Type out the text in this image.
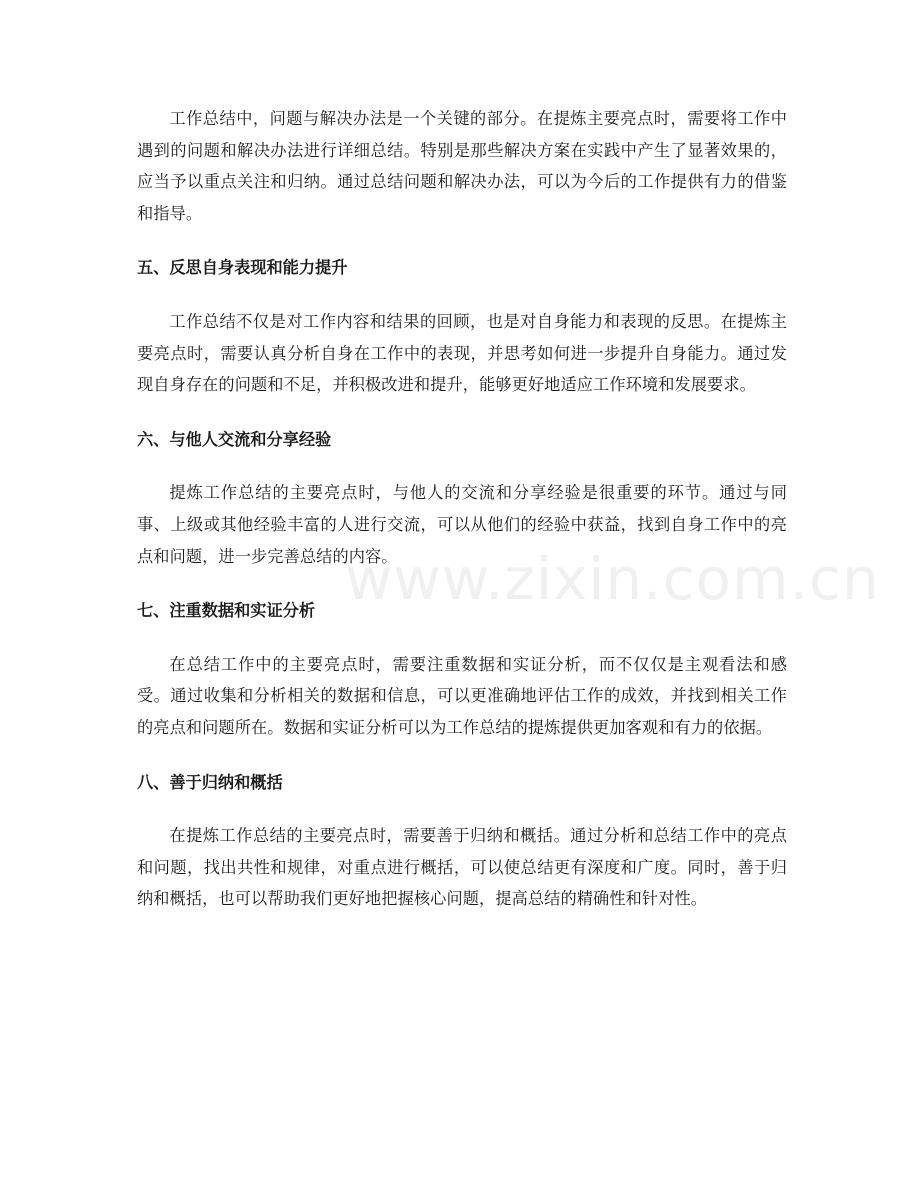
工作总结中，问题与解决办法是一个关键的部分。在提炼主要亮点时，需要将工作中遇到的问题和解决办法进行详细总结。特别是那些解决方案在实践中产生了显著效果的，应当予以重点关注和归纳。通过总结问题和解决办法，可以为今后的工作提供有力的借鉴和指导。

五、反思自身表现和能力提升

工作总结不仅是对工作内容和结果的回顾，也是对自身能力和表现的反思。在提炼主要亮点时，需要认真分析自身在工作中的表现，并思考如何进一步提升自身能力。通过发现自身存在的问题和不足，并积极改进和提升，能够更好地适应工作环境和发展要求。

六、与他人交流和分享经验

提炼工作总结的主要亮点时，与他人的交流和分享经验是很重要的环节。通过与同事、上级或其他经验丰富的人进行交流，可以从他们的经验中获益，找到自身工作中的亮点和问题，进一步完善总结的内容。

七、注重数据和实证分析

在总结工作中的主要亮点时，需要注重数据和实证分析，而不仅仅是主观看法和感受。通过收集和分析相关的数据和信息，可以更准确地评估工作的成效，并找到相关工作的亮点和问题所在。数据和实证分析可以为工作总结的提炼提供更加客观和有力的依据。

八、善于归纳和概括

在提炼工作总结的主要亮点时，需要善于归纳和概括。通过分析和总结工作中的亮点和问题，找出共性和规律，对重点进行概括，可以使总结更有深度和广度。同时，善于归纳和概括，也可以帮助我们更好地把握核心问题，提高总结的精确性和针对性。

www.zixin.com.cn
